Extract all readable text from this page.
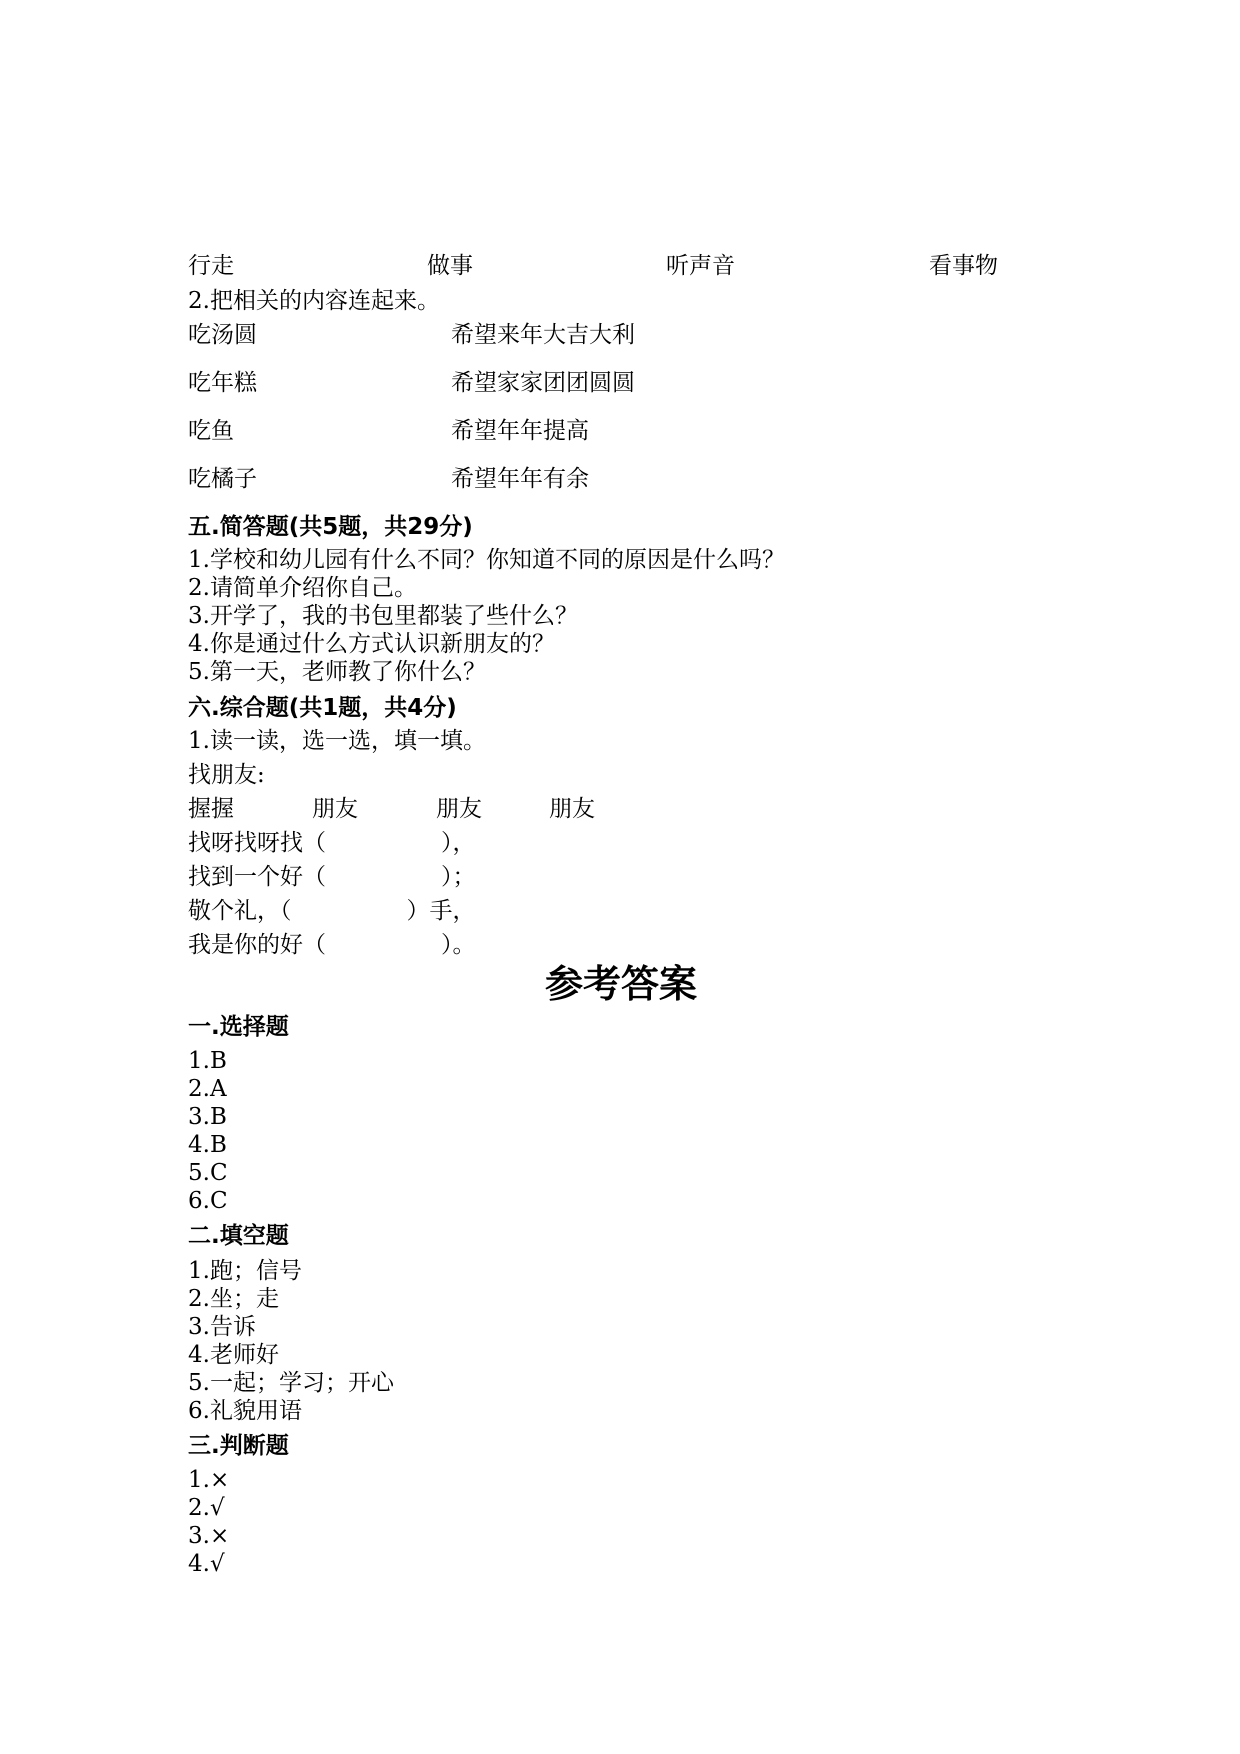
行走	做事	听声音	看事物
2.把相关的内容连起来。
吃汤圆	希望来年大吉大利
吃年糕	希望家家团团圆圆
吃鱼	希望年年提高
吃橘子	希望年年有余
五.简答题(共5题，共29分)
1.学校和幼儿园有什么不同？你知道不同的原因是什么吗？
2.请简单介绍你自己。
3.开学了，我的书包里都装了些什么？
4.你是通过什么方式认识新朋友的？
5.第一天，老师教了你什么？
六.综合题(共1题，共4分)
1.读一读，选一选，填一填。
找朋友:
握握	朋友	朋友	朋友
找呀找呀找（　　　　　），
找到一个好（　　　　　）；
敬个礼，（　　　　　）手，
我是你的好（　　　　　）。
参考答案
一.选择题
1.B
2.A
3.B
4.B
5.C
6.C
二.填空题
1.跑；信号
2.坐；走
3.告诉
4.老师好
5.一起；学习；开心
6.礼貌用语
三.判断题
1.×
2.√
3.×
4.√
